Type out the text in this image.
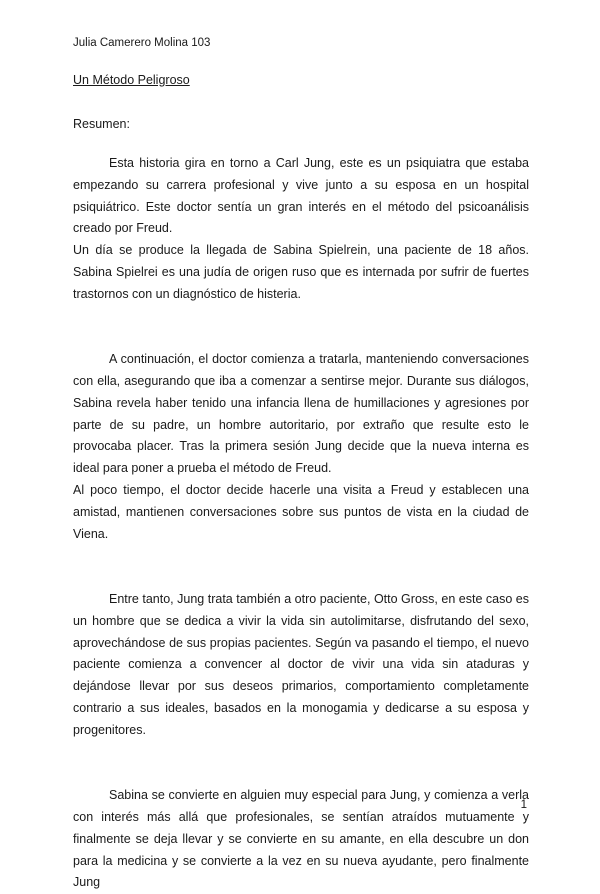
Julia Camerero Molina 103
Un Método Peligroso
Resumen:

Esta historia gira en torno a Carl Jung, este es un psiquiatra que estaba empezando su carrera profesional y vive junto a su esposa en un hospital psiquiátrico. Este doctor sentía un gran interés en el método del psicoanálisis creado por Freud.

Un día se produce la llegada de Sabina Spielrein, una paciente de 18 años. Sabina Spielrei es una judía de origen ruso que es internada por sufrir de fuertes trastornos con un diagnóstico de histeria.

A continuación, el doctor comienza a tratarla, manteniendo conversaciones con ella, asegurando que iba a comenzar a sentirse mejor. Durante sus diálogos, Sabina revela haber tenido una infancia llena de humillaciones y agresiones por parte de su padre, un hombre autoritario, por extraño que resulte esto le provocaba placer. Tras la primera sesión Jung decide que la nueva interna es ideal para poner a prueba el método de Freud.

Al poco tiempo, el doctor decide hacerle una visita a Freud y establecen una amistad, mantienen conversaciones sobre sus puntos de vista en la ciudad de Viena.

Entre tanto, Jung trata también a otro paciente, Otto Gross, en este caso es un hombre que se dedica a vivir la vida sin autolimitarse, disfrutando del sexo, aprovechándose de sus propias pacientes. Según va pasando el tiempo, el nuevo paciente comienza a convencer al doctor de vivir una vida sin ataduras y dejándose llevar por sus deseos primarios, comportamiento completamente contrario a sus ideales, basados en la monogamia y dedicarse a su esposa y progenitores.

Sabina se convierte en alguien muy especial para Jung, y comienza a verla con interés más allá que profesionales, se sentían atraídos mutuamente y finalmente se deja llevar y se convierte en su amante, en ella descubre un don para la medicina y se convierte a la vez en su nueva ayudante, pero finalmente Jung

1
